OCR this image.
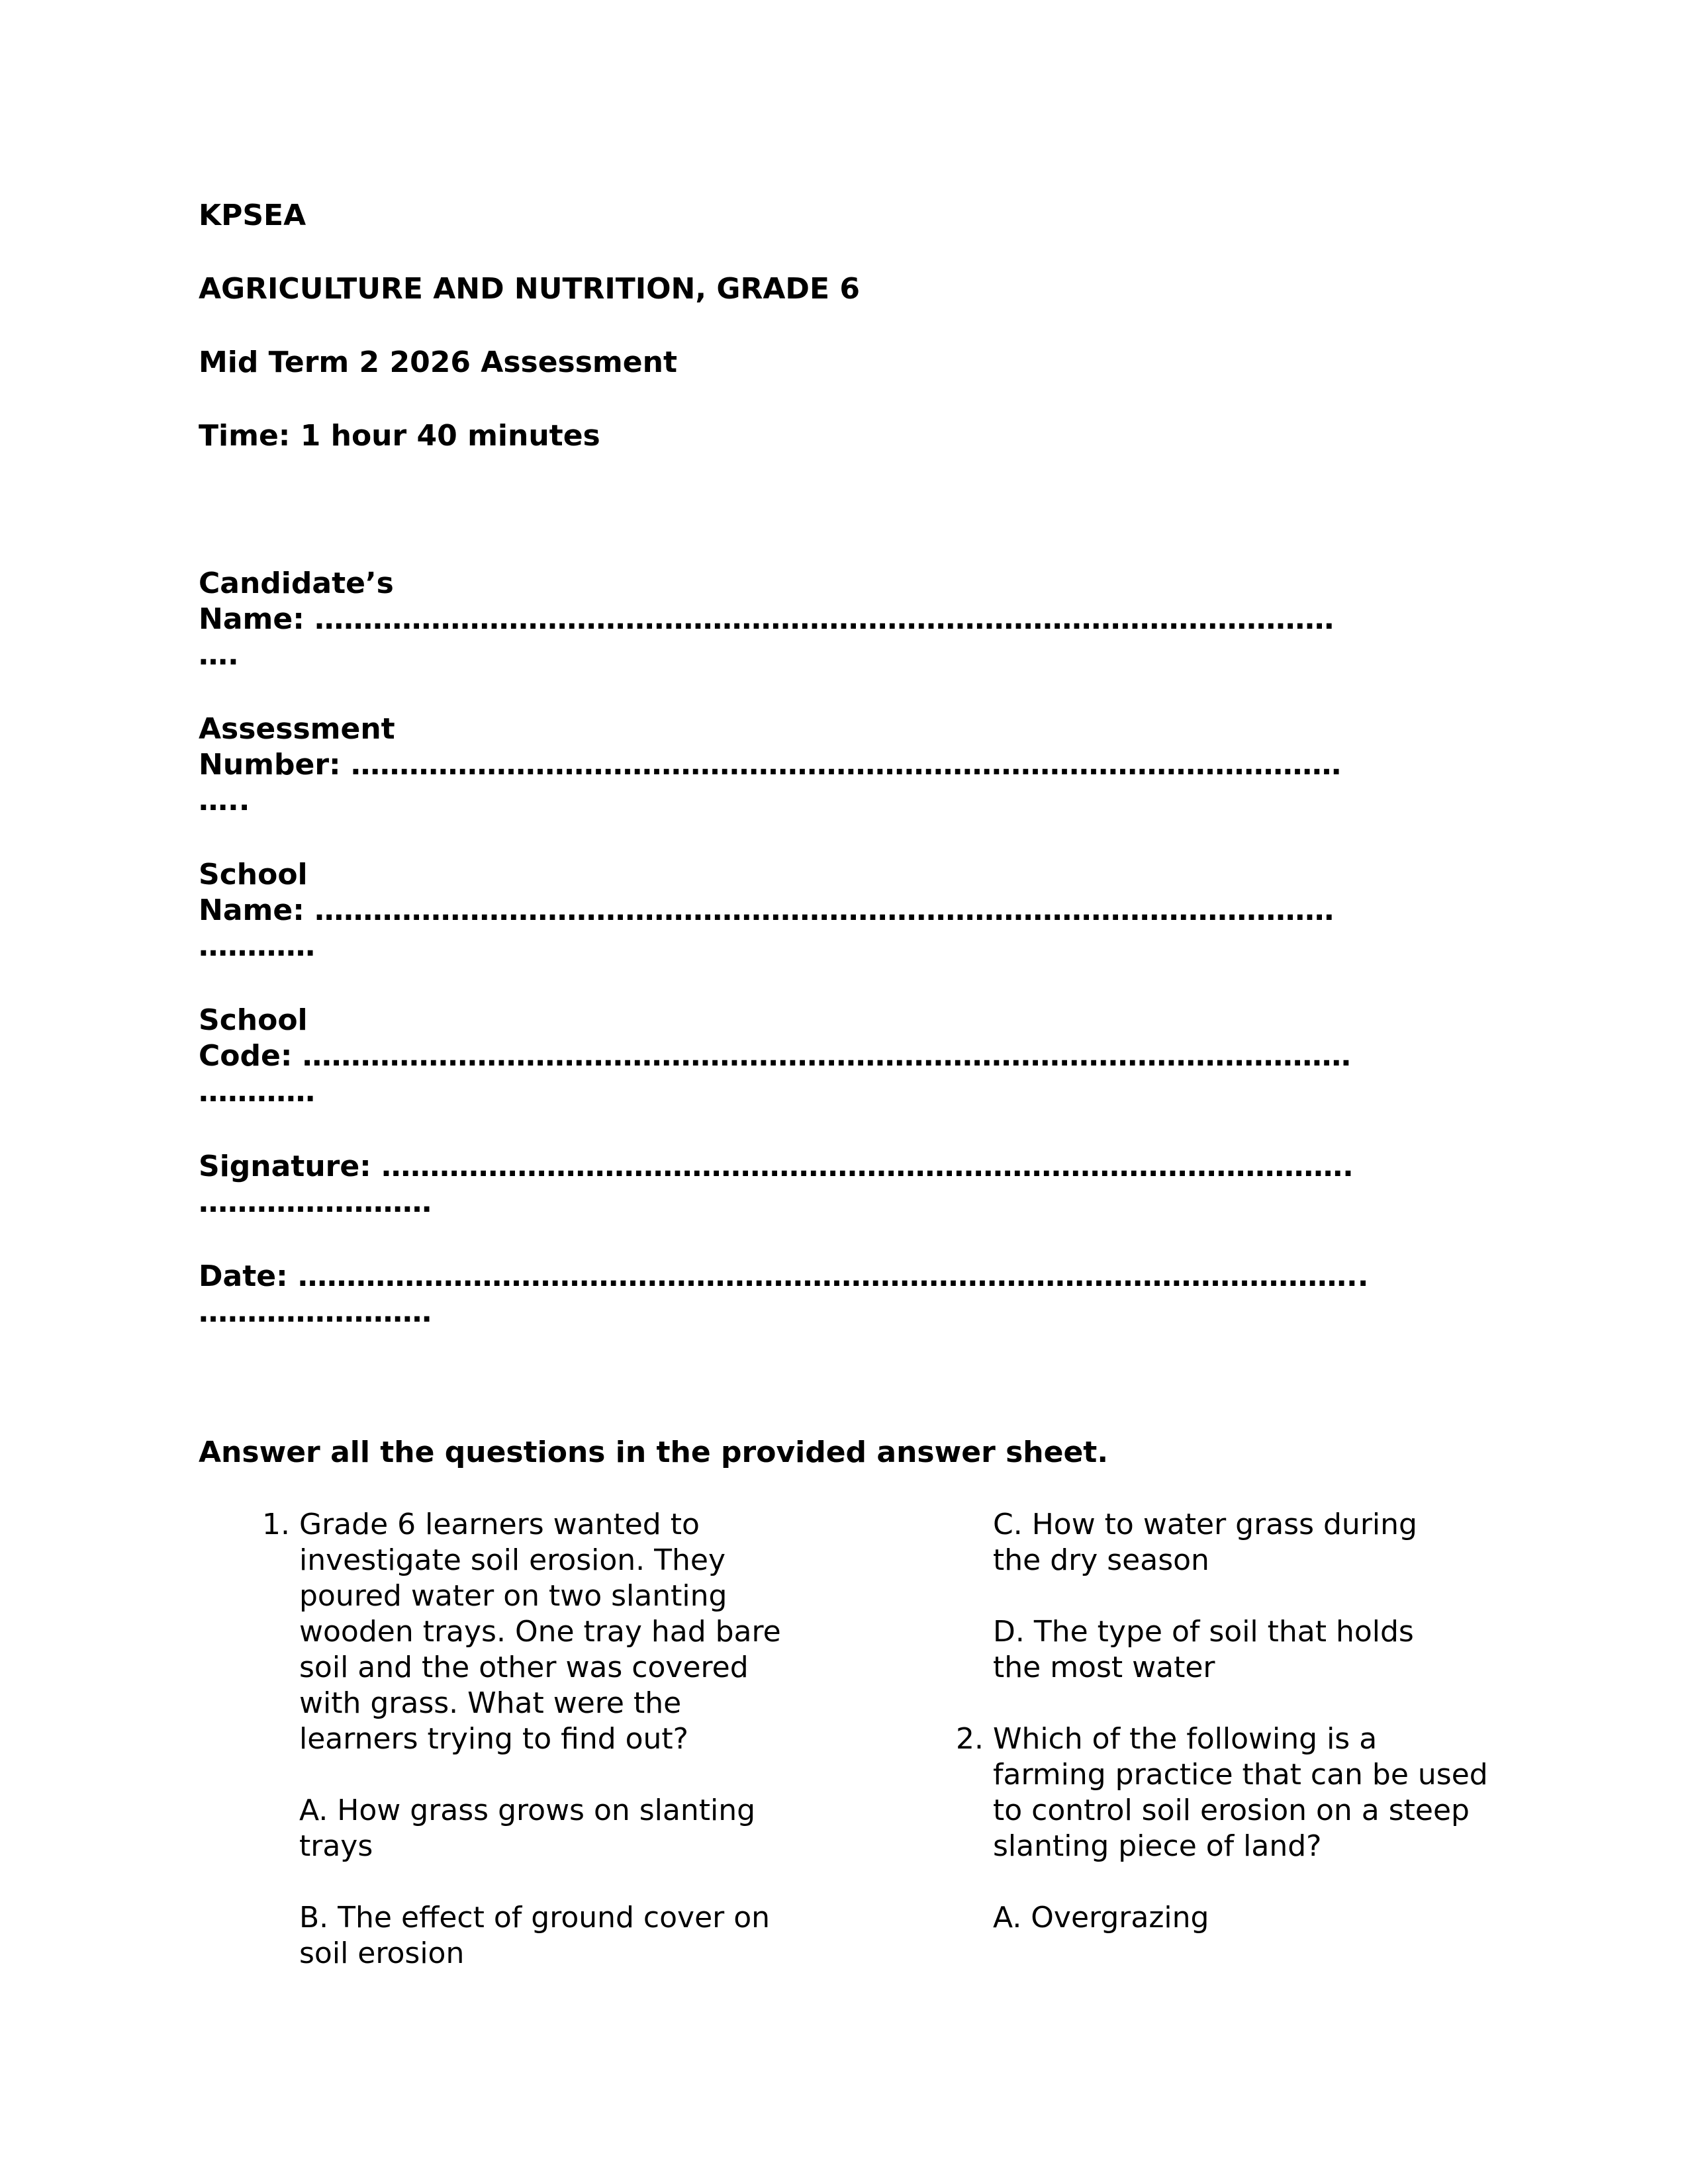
KPSEA
AGRICULTURE AND NUTRITION, GRADE 6
Mid Term 2 2026 Assessment
Time: 1 hour 40 minutes
Candidate’s
Name: ……………………………………………………………………………………………
….
Assessment
Number: …………………………………………………………………………………………
…..
School
Name: ……………………………………………………………………………………………
…………
School
Code: ………………………………………………………………………………………………
…………
Signature: ……………………………………………………………………………………….
……………………
Date: ………………………………………………………………………………………………..
……………………
Answer all the questions in the provided answer sheet.
1. Grade 6 learners wanted to investigate soil erosion. They poured water on two slanting wooden trays. One tray had bare soil and the other was covered with grass. What were the learners trying to find out?

A. How grass grows on slanting trays

B. The effect of ground cover on soil erosion

C. How to water grass during the dry season

D. The type of soil that holds the most water

2. Which of the following is a farming practice that can be used to control soil erosion on a steep slanting piece of land?

A. Overgrazing
